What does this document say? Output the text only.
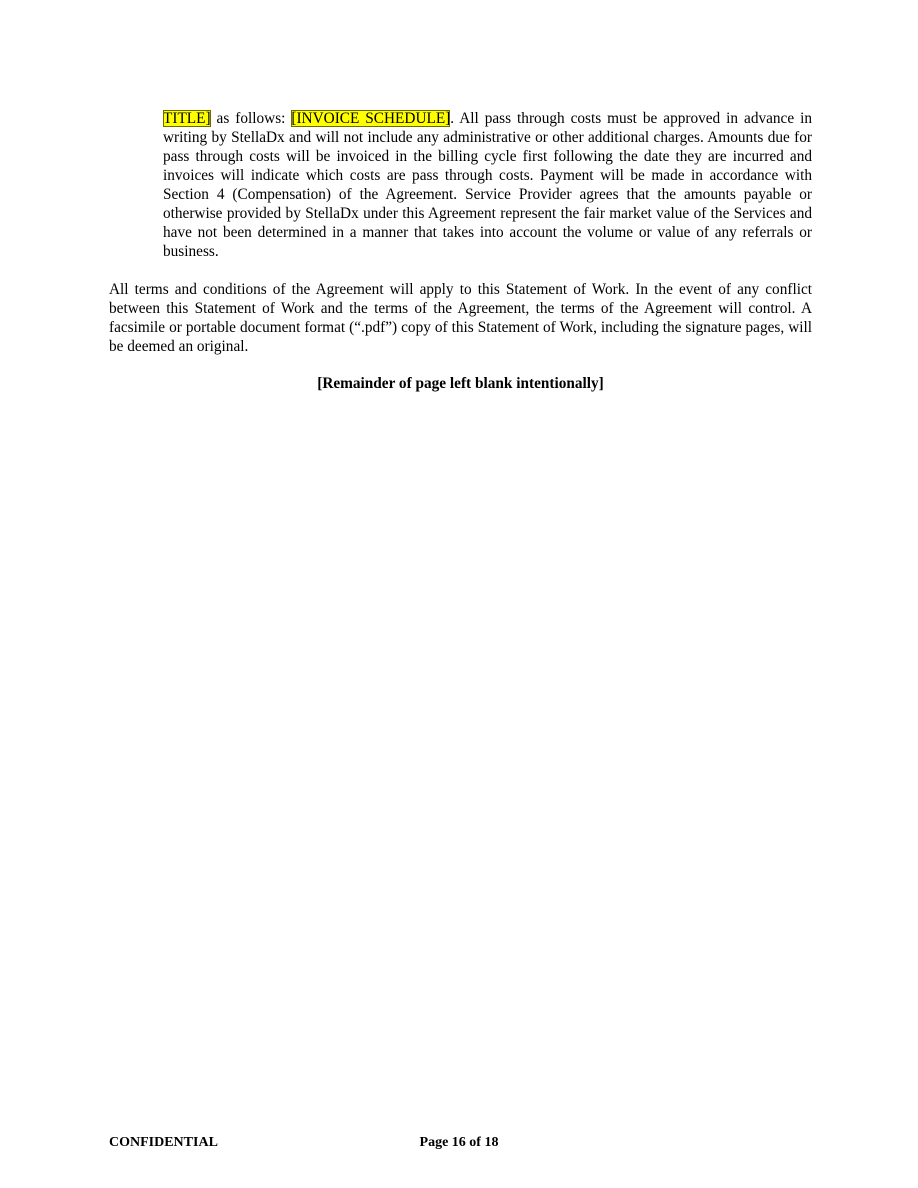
TITLE] as follows: [INVOICE SCHEDULE]. All pass through costs must be approved in advance in writing by StellaDx and will not include any administrative or other additional charges. Amounts due for pass through costs will be invoiced in the billing cycle first following the date they are incurred and invoices will indicate which costs are pass through costs. Payment will be made in accordance with Section 4 (Compensation) of the Agreement. Service Provider agrees that the amounts payable or otherwise provided by StellaDx under this Agreement represent the fair market value of the Services and have not been determined in a manner that takes into account the volume or value of any referrals or business.

All terms and conditions of the Agreement will apply to this Statement of Work. In the event of any conflict between this Statement of Work and the terms of the Agreement, the terms of the Agreement will control. A facsimile or portable document format (“.pdf”) copy of this Statement of Work, including the signature pages, will be deemed an original.

[Remainder of page left blank intentionally]
CONFIDENTIAL	Page 16 of 18
